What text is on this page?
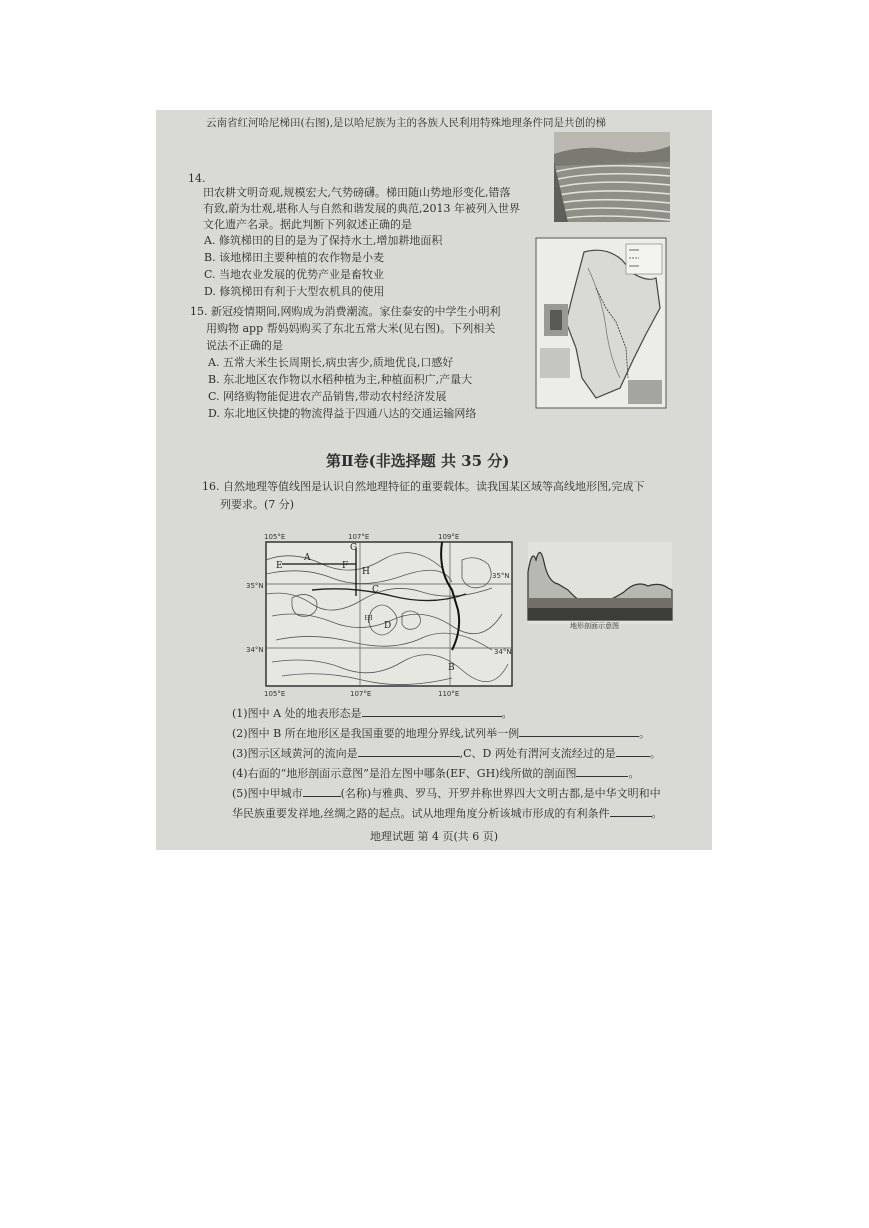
云南省红河哈尼梯田(右图),是以哈尼族为主的各族人民利用特殊地理条件同是共创的梯
14.
田农耕文明奇观,规模宏大,气势磅礴。梯田随山势地形变化,错落
有致,蔚为壮观,堪称人与自然和谐发展的典范,2013 年被列入世界
文化遗产名录。据此判断下列叙述正确的是
A. 修筑梯田的目的是为了保持水土,增加耕地面积
B. 该地梯田主要种植的农作物是小麦
C. 当地农业发展的优势产业是畜牧业
D. 修筑梯田有利于大型农机具的使用
15. 新冠疫情期间,网购成为消费潮流。家住泰安的中学生小明利
用购物 app 帮妈妈购买了东北五常大米(见右图)。下列相关
说法不正确的是
A. 五常大米生长周期长,病虫害少,质地优良,口感好
B. 东北地区农作物以水稻种植为主,种植面积广,产量大
C. 网络购物能促进农产品销售,带动农村经济发展
D. 东北地区快捷的物流得益于四通八达的交通运输网络
第Ⅱ卷(非选择题 共 35 分)
16. 自然地理等值线图是认识自然地理特征的重要载体。读我国某区域等高线地形图,完成下
列要求。(7 分)
105°E	107°E	109°E
107°E	110°E
105°E
35°N
34°N
35°N
34°N
A
B
C
D
E	F
G
H
甲
地形剖面示意图
(1)图中 A 处的地表形态是	。
(2)图中 B 所在地形区是我国重要的地理分界线,试列举一例	。
(3)图示区域黄河的流向是	,C、D 两处有渭河支流经过的是	。
(4)右面的“地形剖面示意图”是沿左图中哪条(EF、GH)线所做的剖面图	。
(5)图中甲城市	(名称)与雅典、罗马、开罗并称世界四大文明古都,是中华文明和中
华民族重要发祥地,丝绸之路的起点。试从地理角度分析该城市形成的有利条件	。
地理试题 第 4 页(共 6 页)
